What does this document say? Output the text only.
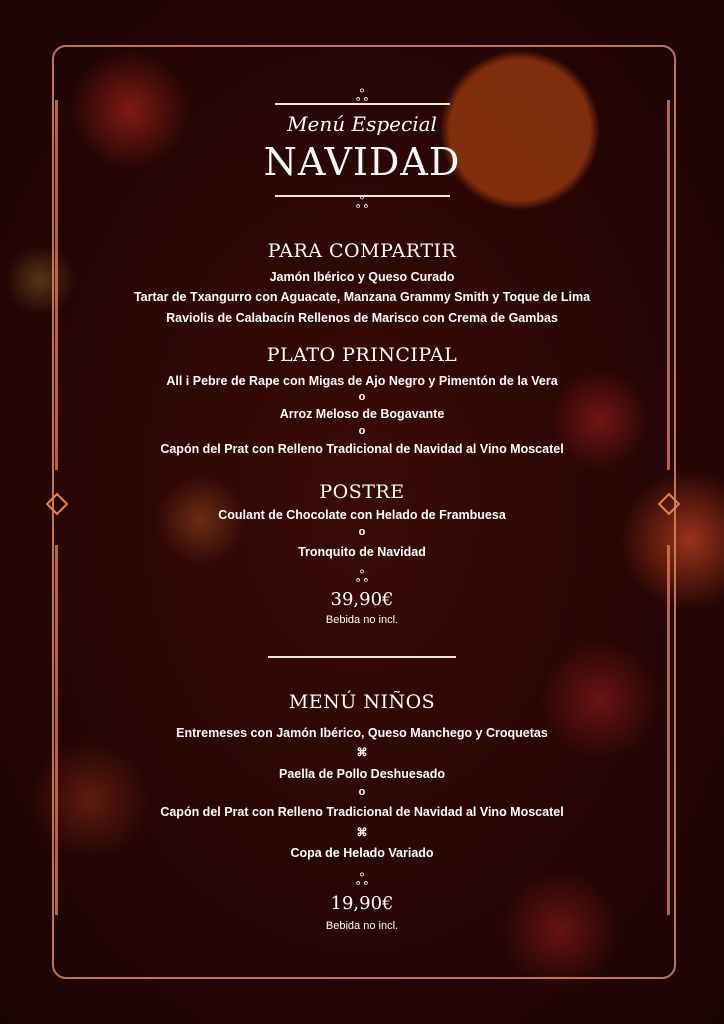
ஃ
Menú Especial
NAVIDAD
ஃ
PARA COMPARTIR
Jamón Ibérico y Queso Curado
Tartar de Txangurro con Aguacate, Manzana Grammy Smith y Toque de Lima
Raviolis de Calabacín Rellenos de Marisco con Crema de Gambas
PLATO PRINCIPAL
All i Pebre de Rape con Migas de Ajo Negro y Pimentón de la Vera
o
Arroz Meloso de Bogavante
o
Capón del Prat con Relleno Tradicional de Navidad al Vino Moscatel
POSTRE
Coulant de Chocolate con Helado de Frambuesa
o
Tronquito de Navidad
ஃ
39,90€
Bebida no incl.
MENÚ NIÑOS
Entremeses con Jamón Ibérico, Queso Manchego y Croquetas
⌘
Paella de Pollo Deshuesado
o
Capón del Prat con Relleno Tradicional de Navidad al Vino Moscatel
⌘
Copa de Helado Variado
ஃ
19,90€
Bebida no incl.
